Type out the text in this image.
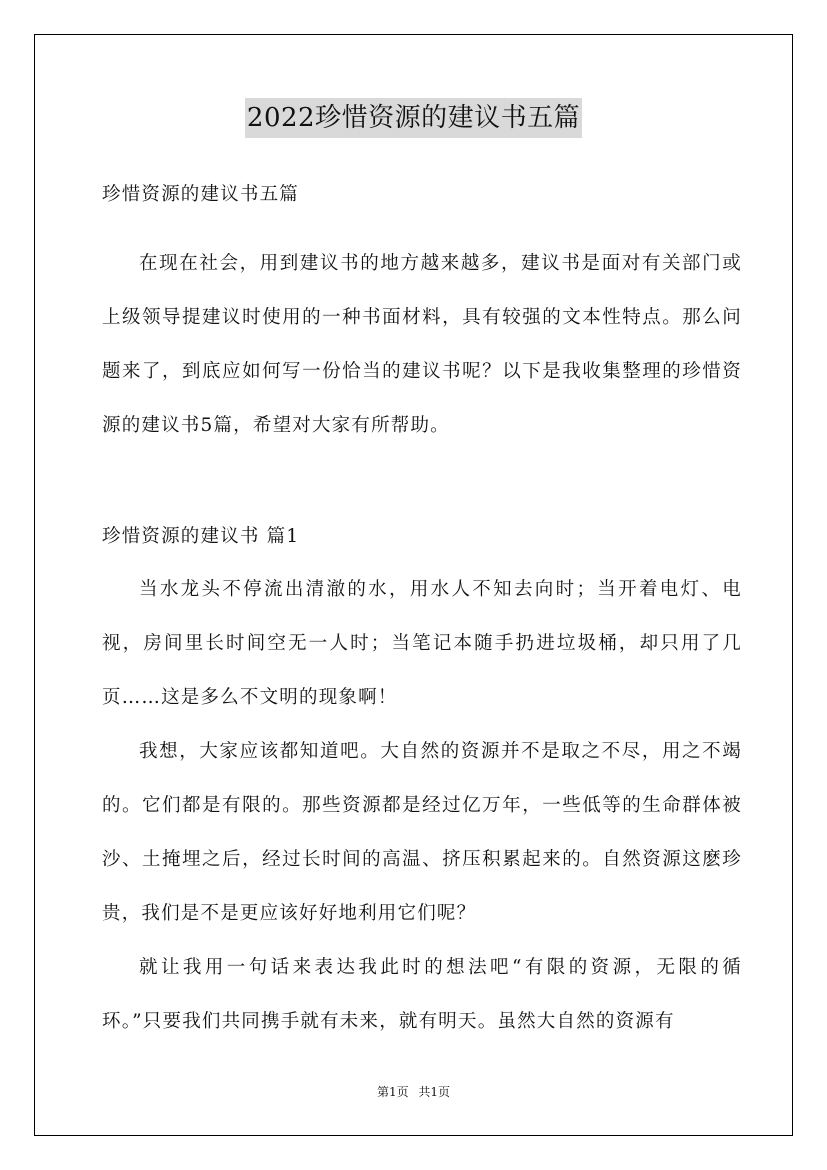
2022珍惜资源的建议书五篇

珍惜资源的建议书五篇

在现在社会，用到建议书的地方越来越多，建议书是面对有关部门或上级领导提建议时使用的一种书面材料，具有较强的文本性特点。那么问题来了，到底应如何写一份恰当的建议书呢？以下是我收集整理的珍惜资源的建议书5篇，希望对大家有所帮助。

珍惜资源的建议书 篇1

当水龙头不停流出清澈的水，用水人不知去向时；当开着电灯、电视，房间里长时间空无一人时；当笔记本随手扔进垃圾桶，却只用了几页……这是多么不文明的现象啊！

我想，大家应该都知道吧。大自然的资源并不是取之不尽，用之不竭的。它们都是有限的。那些资源都是经过亿万年，一些低等的生命群体被沙、土掩埋之后，经过长时间的高温、挤压积累起来的。自然资源这麽珍贵，我们是不是更应该好好地利用它们呢？

就让我用一句话来表达我此时的想法吧“有限的资源，无限的循环。”只要我们共同携手就有未来，就有明天。虽然大自然的资源有

第1页 共1页
